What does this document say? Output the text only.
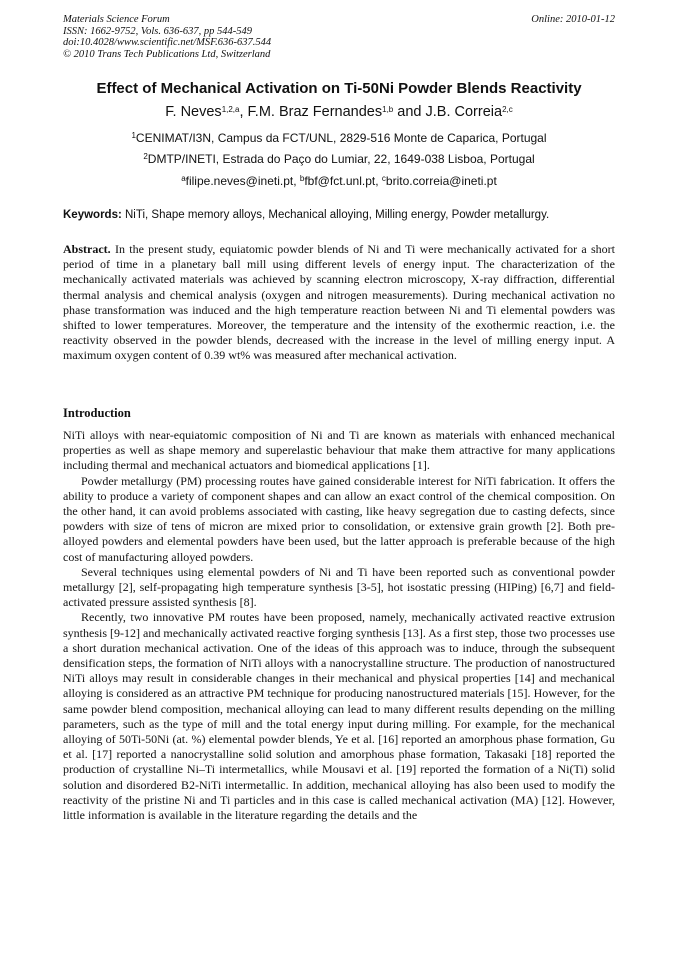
Materials Science Forum
ISSN: 1662-9752, Vols. 636-637, pp 544-549
doi:10.4028/www.scientific.net/MSF.636-637.544
© 2010 Trans Tech Publications Ltd, Switzerland
Online: 2010-01-12
Effect of Mechanical Activation on Ti-50Ni Powder Blends Reactivity
F. Neves$^{1,2,a}$, F.M. Braz Fernandes$^{1,b}$ and J.B. Correia$^{2,c}$
$^1$CENIMAT/I3N, Campus da FCT/UNL, 2829-516 Monte de Caparica, Portugal
$^2$DMTP/INETI, Estrada do Paço do Lumiar, 22, 1649-038 Lisboa, Portugal
$^a$filipe.neves@ineti.pt, $^b$fbf@fct.unl.pt, $^c$brito.correia@ineti.pt
Keywords: NiTi, Shape memory alloys, Mechanical alloying, Milling energy, Powder metallurgy.
Abstract. In the present study, equiatomic powder blends of Ni and Ti were mechanically activated for a short period of time in a planetary ball mill using different levels of energy input. The characterization of the mechanically activated materials was achieved by scanning electron microscopy, X-ray diffraction, differential thermal analysis and chemical analysis (oxygen and nitrogen measurements). During mechanical activation no phase transformation was induced and the high temperature reaction between Ni and Ti elemental powders was shifted to lower temperatures. Moreover, the temperature and the intensity of the exothermic reaction, i.e. the reactivity observed in the powder blends, decreased with the increase in the level of milling energy input. A maximum oxygen content of 0.39 wt% was measured after mechanical activation.
Introduction

NiTi alloys with near-equiatomic composition of Ni and Ti are known as materials with enhanced mechanical properties as well as shape memory and superelastic behaviour that make them attractive for many applications including thermal and mechanical actuators and biomedical applications [1].

Powder metallurgy (PM) processing routes have gained considerable interest for NiTi fabrication. It offers the ability to produce a variety of component shapes and can allow an exact control of the chemical composition. On the other hand, it can avoid problems associated with casting, like heavy segregation due to casting defects, since powders with size of tens of micron are mixed prior to consolidation, or extensive grain growth [2]. Both pre-alloyed powders and elemental powders have been used, but the latter approach is preferable because of the high cost of manufacturing alloyed powders.

Several techniques using elemental powders of Ni and Ti have been reported such as conventional powder metallurgy [2], self-propagating high temperature synthesis [3-5], hot isostatic pressing (HIPing) [6,7] and field-activated pressure assisted synthesis [8].

Recently, two innovative PM routes have been proposed, namely, mechanically activated reactive extrusion synthesis [9-12] and mechanically activated reactive forging synthesis [13]. As a first step, those two processes use a short duration mechanical activation. One of the ideas of this approach was to induce, through the subsequent densification steps, the formation of NiTi alloys with a nanocrystalline structure. The production of nanostructured NiTi alloys may result in considerable changes in their mechanical and physical properties [14] and mechanical alloying is considered as an attractive PM technique for producing nanostructured materials [15]. However, for the same powder blend composition, mechanical alloying can lead to many different results depending on the milling parameters, such as the type of mill and the total energy input during milling. For example, for the mechanical alloying of 50Ti-50Ni (at. %) elemental powder blends, Ye et al. [16] reported an amorphous phase formation, Gu et al. [17] reported a nanocrystalline solid solution and amorphous phase formation, Takasaki [18] reported the production of crystalline Ni–Ti intermetallics, while Mousavi et al. [19] reported the formation of a Ni(Ti) solid solution and disordered B2-NiTi intermetallic. In addition, mechanical alloying has also been used to modify the reactivity of the pristine Ni and Ti particles and in this case is called mechanical activation (MA) [12]. However, little information is available in the literature regarding the details and the
